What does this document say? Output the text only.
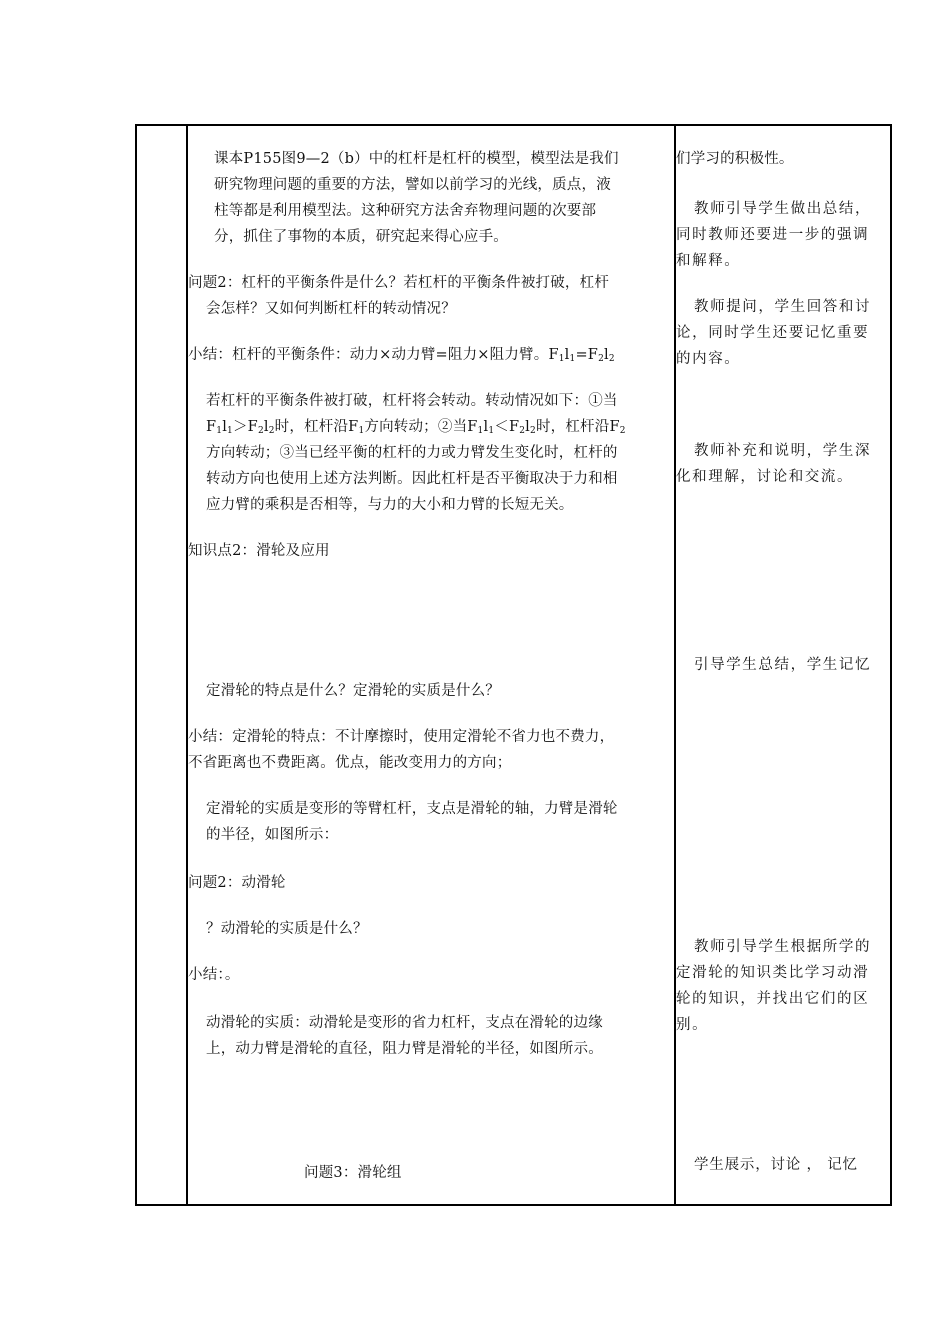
课本P155图9—2（b）中的杠杆是杠杆的模型，模型法是我们
研究物理问题的重要的方法，譬如以前学习的光线，质点，液
柱等都是利用模型法。这种研究方法舍弃物理问题的次要部
分，抓住了事物的本质，研究起来得心应手。
问题2：杠杆的平衡条件是什么？若杠杆的平衡条件被打破，杠杆
会怎样？又如何判断杠杆的转动情况？
小结：杠杆的平衡条件：动力×动力臂=阻力×阻力臂。$F_1l_1=F_2l_2$
若杠杆的平衡条件被打破，杠杆将会转动。转动情况如下：①当
$F_1l_1>F_2l_2$时，杠杆沿$F_1$方向转动；②当$F_1l_1<F_2l_2$时，杠杆沿$F_2$
方向转动；③当已经平衡的杠杆的力或力臂发生变化时，杠杆的
转动方向也使用上述方法判断。因此杠杆是否平衡取决于力和相
应力臂的乘积是否相等，与力的大小和力臂的长短无关。
知识点2：滑轮及应用
定滑轮的特点是什么？定滑轮的实质是什么？
小结：定滑轮的特点：不计摩擦时，使用定滑轮不省力也不费力，
不省距离也不费距离。优点，能改变用力的方向；
定滑轮的实质是变形的等臂杠杆，支点是滑轮的轴，力臂是滑轮
的半径，如图所示：
问题2：动滑轮
？动滑轮的实质是什么？
小结：。
动滑轮的实质：动滑轮是变形的省力杠杆，支点在滑轮的边缘
上，动力臂是滑轮的直径，阻力臂是滑轮的半径，如图所示。
问题3：滑轮组
们学习的积极性。
教师引导学生做出总结，
同时教师还要进一步的强调
和解释。
教师提问，学生回答和讨
论，同时学生还要记忆重要
的内容。
教师补充和说明，学生深
化和理解，讨论和交流。
引导学生总结，学生记忆
教师引导学生根据所学的
定滑轮的知识类比学习动滑
轮的知识，并找出它们的区
别。
学生展示，讨论 ， 记忆
